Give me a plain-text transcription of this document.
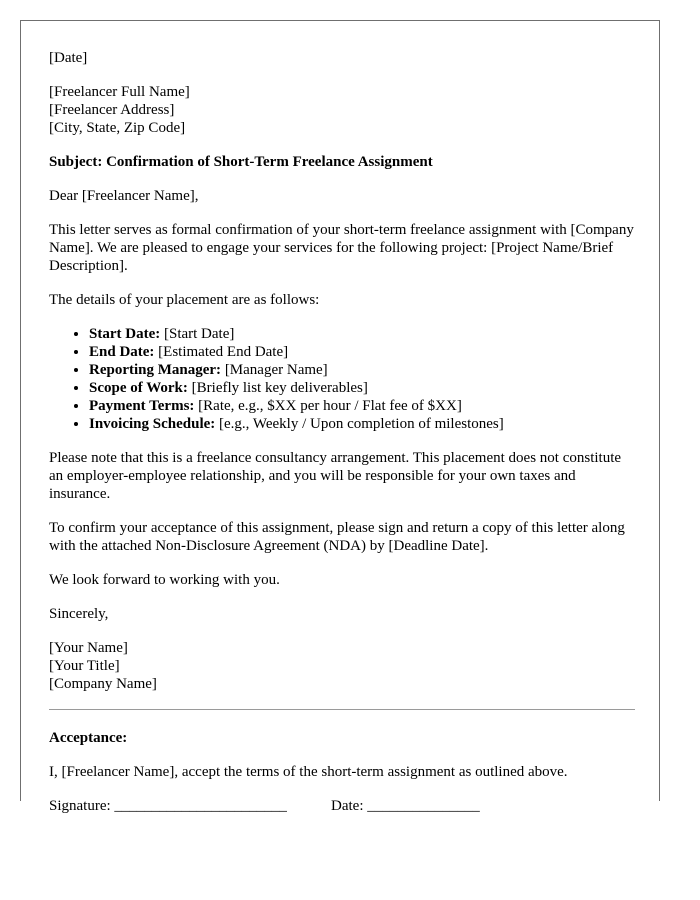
[Date]

[Freelancer Full Name]
[Freelancer Address]
[City, State, Zip Code]

Subject: Confirmation of Short-Term Freelance Assignment

Dear [Freelancer Name],

This letter serves as formal confirmation of your short-term freelance assignment with [Company Name]. We are pleased to engage your services for the following project: [Project Name/Brief Description].

The details of your placement are as follows:

• Start Date: [Start Date]
• End Date: [Estimated End Date]
• Reporting Manager: [Manager Name]
• Scope of Work: [Briefly list key deliverables]
• Payment Terms: [Rate, e.g., $XX per hour / Flat fee of $XX]
• Invoicing Schedule: [e.g., Weekly / Upon completion of milestones]

Please note that this is a freelance consultancy arrangement. This placement does not constitute an employer-employee relationship, and you will be responsible for your own taxes and insurance.

To confirm your acceptance of this assignment, please sign and return a copy of this letter along with the attached Non-Disclosure Agreement (NDA) by [Deadline Date].

We look forward to working with you.

Sincerely,

[Your Name]
[Your Title]
[Company Name]

Acceptance:

I, [Freelancer Name], accept the terms of the short-term assignment as outlined above.

Signature: _______________________	Date: _______________
